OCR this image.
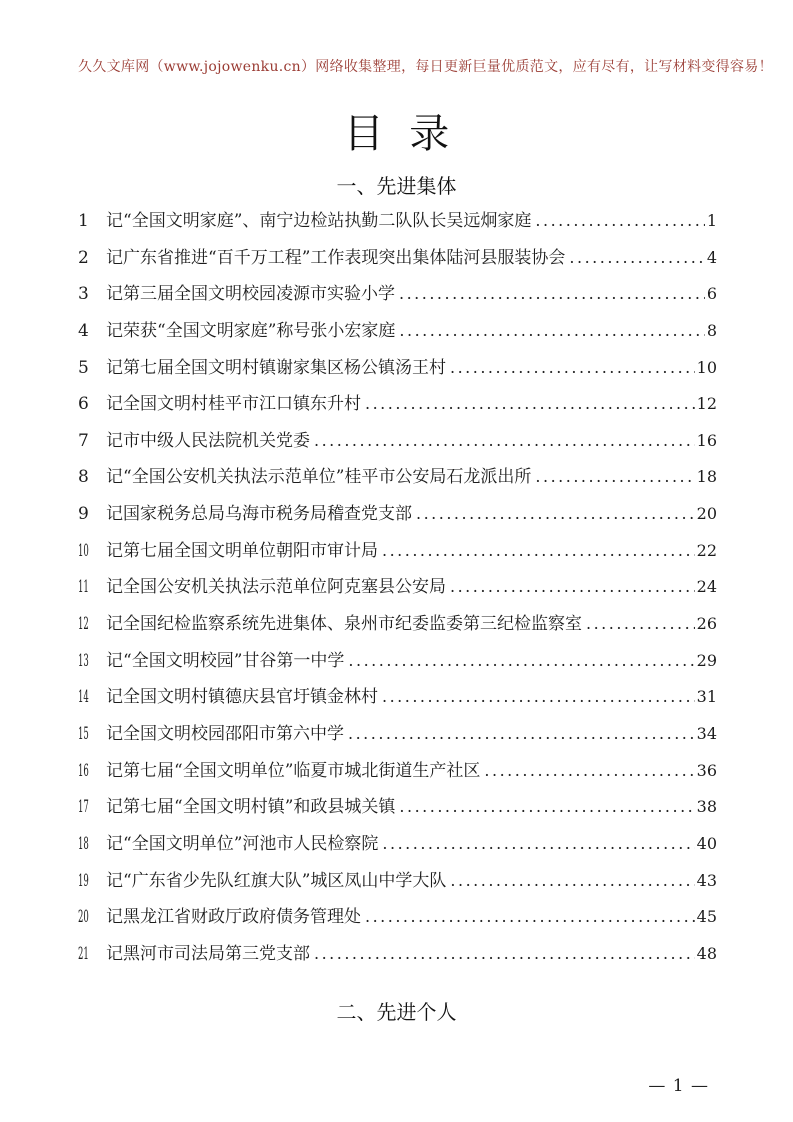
久久文库网（www.jojowenku.cn）网络收集整理，每日更新巨量优质范文，应有尽有，让写材料变得容易！
目  录
一、先进集体
1	记“全国文明家庭”、南宁边检站执勤二队队长吴远炯家庭 .....	1
2	记广东省推进“百千万工程”工作表现突出集体陆河县服装协会 .....	4
3	记第三届全国文明校园凌源市实验小学 .....	6
4	记荣获“全国文明家庭”称号张小宏家庭 .....	8
5	记第七届全国文明村镇谢家集区杨公镇汤王村 .....	10
6	记全国文明村桂平市江口镇东升村 .....	12
7	记市中级人民法院机关党委 .....	16
8	记“全国公安机关执法示范单位”桂平市公安局石龙派出所 .....	18
9	记国家税务总局乌海市税务局稽查党支部 .....	20
10	记第七届全国文明单位朝阳市审计局 .....	22
11	记全国公安机关执法示范单位阿克塞县公安局 .....	24
12	记全国纪检监察系统先进集体、泉州市纪委监委第三纪检监察室 .....	26
13	记“全国文明校园”甘谷第一中学 .....	29
14	记全国文明村镇德庆县官圩镇金林村 .....	31
15	记全国文明校园邵阳市第六中学 .....	34
16	记第七届“全国文明单位”临夏市城北街道生产社区 .....	36
17	记第七届“全国文明村镇”和政县城关镇 .....	38
18	记“全国文明单位”河池市人民检察院 .....	40
19	记“广东省少先队红旗大队”城区凤山中学大队 .....	43
20	记黑龙江省财政厅政府债务管理处 .....	45
21	记黑河市司法局第三党支部 .....	48
二、先进个人
— 1 —
